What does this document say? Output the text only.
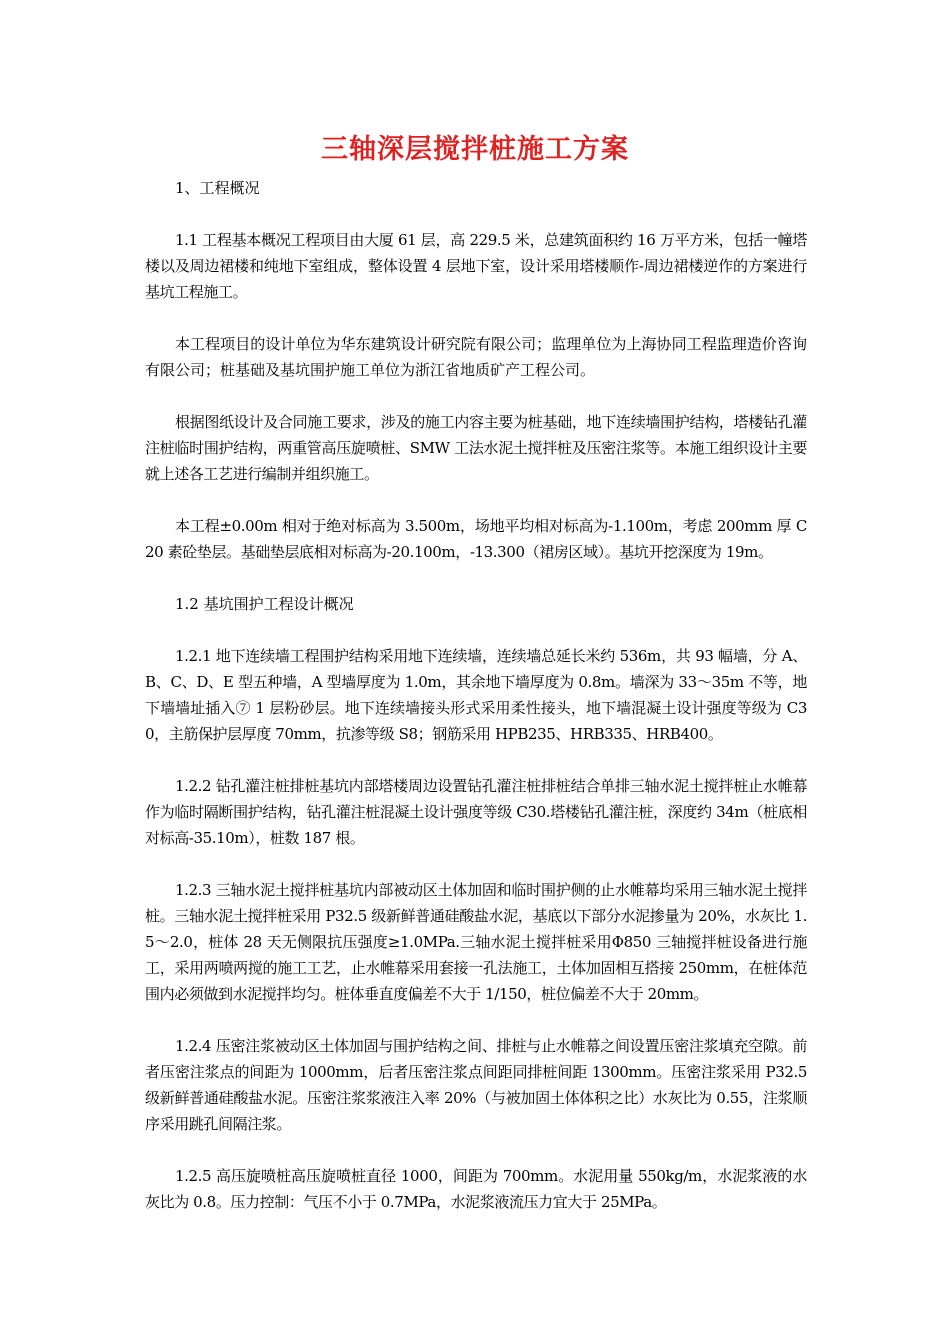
三轴深层搅拌桩施工方案

1、工程概况

1.1 工程基本概况工程项目由大厦 61 层，高 229.5 米，总建筑面积约 16 万平方米，包括一幢塔楼以及周边裙楼和纯地下室组成，整体设置 4 层地下室，设计采用塔楼顺作-周边裙楼逆作的方案进行基坑工程施工。

本工程项目的设计单位为华东建筑设计研究院有限公司；监理单位为上海协同工程监理造价咨询有限公司；桩基础及基坑围护施工单位为浙江省地质矿产工程公司。

根据图纸设计及合同施工要求，涉及的施工内容主要为桩基础，地下连续墙围护结构，塔楼钻孔灌注桩临时围护结构，两重管高压旋喷桩、SMW 工法水泥土搅拌桩及压密注浆等。本施工组织设计主要就上述各工艺进行编制并组织施工。

本工程±0.00m 相对于绝对标高为 3.500m，场地平均相对标高为-1.100m，考虑 200mm 厚 C20 素砼垫层。基础垫层底相对标高为-20.100m，-13.300（裙房区域）。基坑开挖深度为 19m。

1.2 基坑围护工程设计概况

1.2.1 地下连续墙工程围护结构采用地下连续墙，连续墙总延长米约 536m，共 93 幅墙，分 A、B、C、D、E 型五种墙，A 型墙厚度为 1.0m，其余地下墙厚度为 0.8m。墙深为 33～35m 不等，地下墙墙址插入⑦ 1 层粉砂层。地下连续墙接头形式采用柔性接头，地下墙混凝土设计强度等级为 C30，主筋保护层厚度 70mm，抗渗等级 S8；钢筋采用 HPB235、HRB335、HRB400。

1.2.2 钻孔灌注桩排桩基坑内部塔楼周边设置钻孔灌注桩排桩结合单排三轴水泥土搅拌桩止水帷幕作为临时隔断围护结构，钻孔灌注桩混凝土设计强度等级 C30.塔楼钻孔灌注桩，深度约 34m（桩底相对标高-35.10m），桩数 187 根。

1.2.3 三轴水泥土搅拌桩基坑内部被动区土体加固和临时围护侧的止水帷幕均采用三轴水泥土搅拌桩。三轴水泥土搅拌桩采用 P32.5 级新鲜普通硅酸盐水泥，基底以下部分水泥掺量为 20%，水灰比 1.5～2.0，桩体 28 天无侧限抗压强度≥1.0MPa.三轴水泥土搅拌桩采用Φ850 三轴搅拌桩设备进行施工，采用两喷两搅的施工工艺，止水帷幕采用套接一孔法施工，土体加固相互搭接 250mm，在桩体范围内必须做到水泥搅拌均匀。桩体垂直度偏差不大于 1/150，桩位偏差不大于 20mm。

1.2.4 压密注浆被动区土体加固与围护结构之间、排桩与止水帷幕之间设置压密注浆填充空隙。前者压密注浆点的间距为 1000mm，后者压密注浆点间距同排桩间距 1300mm。压密注浆采用 P32.5 级新鲜普通硅酸盐水泥。压密注浆浆液注入率 20%（与被加固土体体积之比）水灰比为 0.55，注浆顺序采用跳孔间隔注浆。

1.2.5 高压旋喷桩高压旋喷桩直径 1000，间距为 700mm。水泥用量 550kg/m，水泥浆液的水灰比为 0.8。压力控制：气压不小于 0.7MPa，水泥浆液流压力宜大于 25MPa。
